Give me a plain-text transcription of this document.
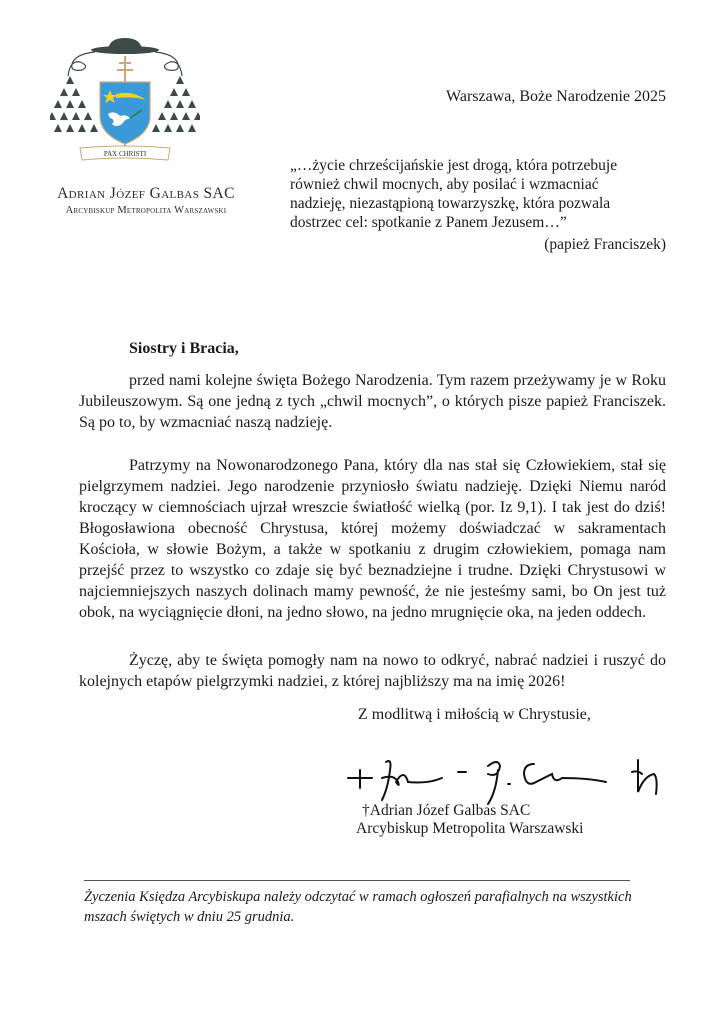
PAX CHRISTI
Adrian Józef Galbas SAC
Arcybiskup Metropolita Warszawski
Warszawa, Boże Narodzenie 2025
„…życie chrześcijańskie jest drogą, która potrzebuje
również chwil mocnych, aby posilać i wzmacniać
nadzieję, niezastąpioną towarzyszkę, która pozwala
dostrzec cel: spotkanie z Panem Jezusem…”
(papież Franciszek)
Siostry i Bracia,

przed nami kolejne święta Bożego Narodzenia. Tym razem przeżywamy je w Roku Jubileuszowym. Są one jedną z tych „chwil mocnych”, o których pisze papież Franciszek. Są po to, by wzmacniać naszą nadzieję.

Patrzymy na Nowonarodzonego Pana, który dla nas stał się Człowiekiem, stał się pielgrzymem nadziei. Jego narodzenie przyniosło światu nadzieję. Dzięki Niemu naród kroczący w ciemnościach ujrzał wreszcie światłość wielką (por. Iz 9,1). I tak jest do dziś! Błogosławiona obecność Chrystusa, której możemy doświadczać w sakramentach Kościoła, w słowie Bożym, a także w spotkaniu z drugim człowiekiem, pomaga nam przejść przez to wszystko co zdaje się być beznadziejne i trudne. Dzięki Chrystusowi w najciemniejszych naszych dolinach mamy pewność, że nie jesteśmy sami, bo On jest tuż obok, na wyciągnięcie dłoni, na jedno słowo, na jedno mrugnięcie oka, na jeden oddech.

Życzę, aby te święta pomogły nam na nowo to odkryć, nabrać nadziei i ruszyć do kolejnych etapów pielgrzymki nadziei, z której najbliższy ma na imię 2026!

Z modlitwą i miłością w Chrystusie,
†Adrian Józef Galbas SAC
Arcybiskup Metropolita Warszawski
Życzenia Księdza Arcybiskupa należy odczytać w ramach ogłoszeń parafialnych na wszystkich mszach świętych w dniu 25 grudnia.
